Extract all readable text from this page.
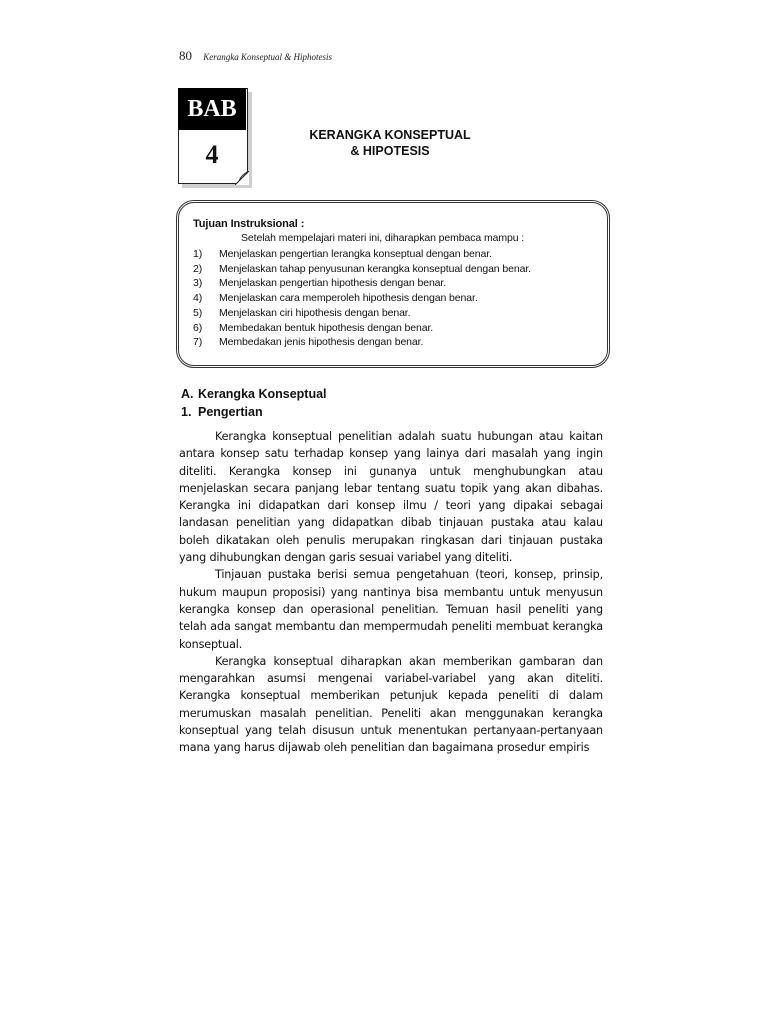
80 Kerangka Konseptual & Hiphotesis
BAB
4
KERANGKA KONSEPTUAL
& HIPOTESIS
Tujuan Instruksional :
Setelah mempelajari materi ini, diharapkan pembaca mampu :
1)	Menjelaskan pengertian lerangka konseptual dengan benar.
2)	Menjelaskan tahap penyusunan kerangka konseptual dengan benar.
3)	Menjelaskan pengertian hipothesis dengan benar.
4)	Menjelaskan cara memperoleh hipothesis dengan benar.
5)	Menjelaskan ciri hipothesis dengan benar.
6)	Membedakan bentuk hipothesis dengan benar.
7)	Membedakan jenis hipothesis dengan benar.
A. Kerangka Konseptual
1. Pengertian

Kerangka konseptual penelitian adalah suatu hubungan atau kaitan antara konsep satu terhadap konsep yang lainya dari masalah yang ingin diteliti. Kerangka konsep ini gunanya untuk menghubungkan atau menjelaskan secara panjang lebar tentang suatu topik yang akan dibahas. Kerangka ini didapatkan dari konsep ilmu / teori yang dipakai sebagai landasan penelitian yang didapatkan dibab tinjauan pustaka atau kalau boleh dikatakan oleh penulis merupakan ringkasan dari tinjauan pustaka yang dihubungkan dengan garis sesuai variabel yang diteliti.

Tinjauan pustaka berisi semua pengetahuan (teori, konsep, prinsip, hukum maupun proposisi) yang nantinya bisa membantu untuk menyusun kerangka konsep dan operasional penelitian. Temuan hasil peneliti yang telah ada sangat membantu dan mempermudah peneliti membuat kerangka konseptual.

Kerangka konseptual diharapkan akan memberikan gambaran dan mengarahkan asumsi mengenai variabel-variabel yang akan diteliti. Kerangka konseptual memberikan petunjuk kepada peneliti di dalam merumuskan masalah penelitian. Peneliti akan menggunakan kerangka konseptual yang telah disusun untuk menentukan pertanyaan-pertanyaan mana yang harus dijawab oleh penelitian dan bagaimana prosedur empiris
